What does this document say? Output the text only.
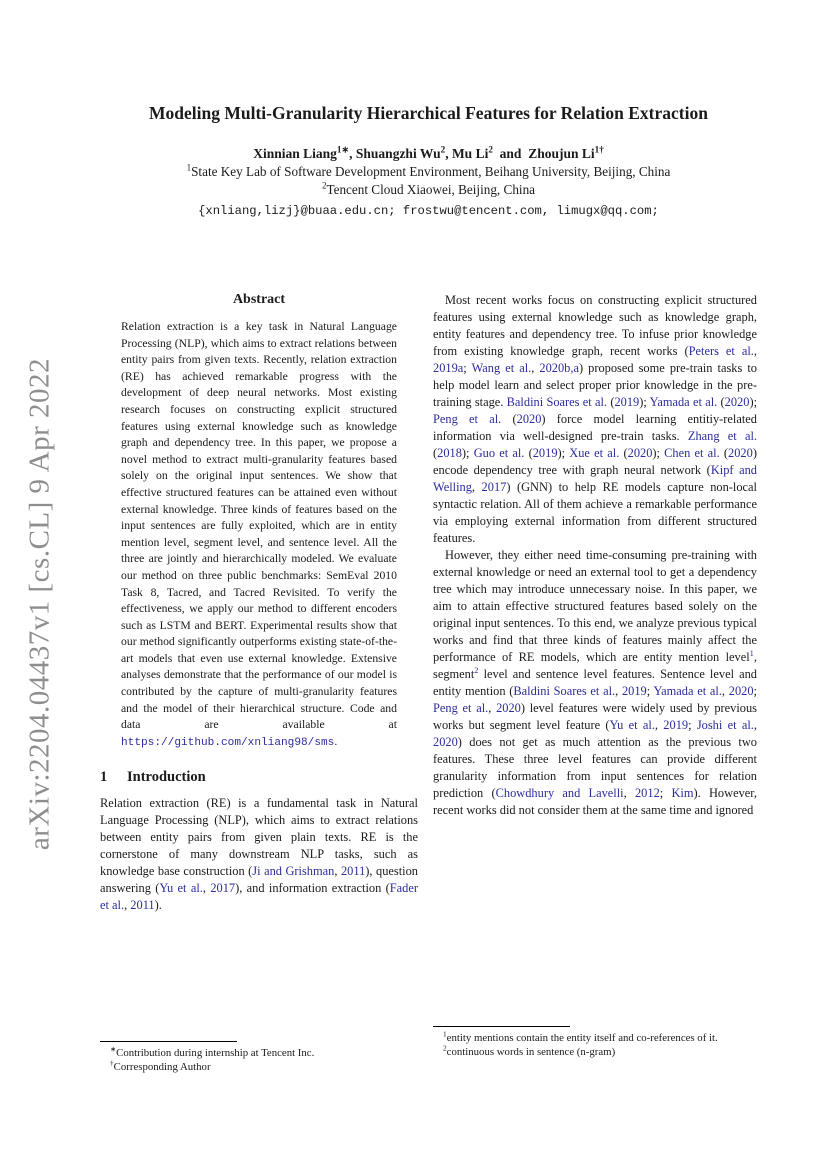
arXiv:2204.04437v1 [cs.CL] 9 Apr 2022
Modeling Multi-Granularity Hierarchical Features for Relation Extraction
Xinnian Liang$^{1∗}$, Shuangzhi Wu$^2$, Mu Li$^2$  and  Zhoujun $Li^{1\dagger}$
$^1$State Key Lab of Software Development Environment, Beihang University, Beijing, China
$^2$Tencent Cloud Xiaowei, Beijing, China
{xnliang,lizj}@buaa.edu.cn; frostwu@tencent.com, limugx@qq.com;
Abstract

Relation extraction is a key task in Natural Language Processing (NLP), which aims to extract relations between entity pairs from given texts. Recently, relation extraction (RE) has achieved remarkable progress with the development of deep neural networks. Most existing research focuses on constructing explicit structured features using external knowledge such as knowledge graph and dependency tree. In this paper, we propose a novel method to extract multi-granularity features based solely on the original input sentences. We show that effective structured features can be attained even without external knowledge. Three kinds of features based on the input sentences are fully exploited, which are in entity mention level, segment level, and sentence level. All the three are jointly and hierarchically modeled. We evaluate our method on three public benchmarks: SemEval 2010 Task 8, Tacred, and Tacred Revisited. To verify the effectiveness, we apply our method to different encoders such as LSTM and BERT. Experimental results show that our method significantly outperforms existing state-of-the-art models that even use external knowledge. Extensive analyses demonstrate that the performance of our model is contributed by the capture of multi-granularity features and the model of their hierarchical structure. Code and data are available at https://github.com/xnliang98/sms.

1 Introduction

Relation extraction (RE) is a fundamental task in Natural Language Processing (NLP), which aims to extract relations between entity pairs from given plain texts. RE is the cornerstone of many downstream NLP tasks, such as knowledge base construction (Ji and Grishman, 2011), question answering (Yu et al., 2017), and information extraction (Fader et al., 2011).

Most recent works focus on constructing explicit structured features using external knowledge such as knowledge graph, entity features and dependency tree. To infuse prior knowledge from existing knowledge graph, recent works (Peters et al., 2019a; Wang et al., 2020b,a) proposed some pre-train tasks to help model learn and select proper prior knowledge in the pre-training stage. Baldini Soares et al. (2019); Yamada et al. (2020); Peng et al. (2020) force model learning entitiy-related information via well-designed pre-train tasks. Zhang et al. (2018); Guo et al. (2019); Xue et al. (2020); Chen et al. (2020) encode dependency tree with graph neural network (Kipf and Welling, 2017) (GNN) to help RE models capture non-local syntactic relation. All of them achieve a remarkable performance via employing external information from different structured features.

However, they either need time-consuming pre-training with external knowledge or need an external tool to get a dependency tree which may introduce unnecessary noise. In this paper, we aim to attain effective structured features based solely on the original input sentences. To this end, we analyze previous typical works and find that three kinds of features mainly affect the performance of RE models, which are entity mention level$^1$, segment$^2$ level and sentence level features. Sentence level and entity mention (Baldini Soares et al., 2019; Yamada et al., 2020; Peng et al., 2020) level features were widely used by previous works but segment level feature (Yu et al., 2019; Joshi et al., 2020) does not get as much attention as the previous two features. These three level features can provide different granularity information from input sentences for relation prediction (Chowdhury and Lavelli, 2012; Kim). However, recent works did not consider them at the same time and ignored

∗Contribution during internship at Tencent Inc.

†Corresponding Author

$^1$entity mentions contain the entity itself and co-references of it.

$^2$continuous words in sentence (n-gram)
